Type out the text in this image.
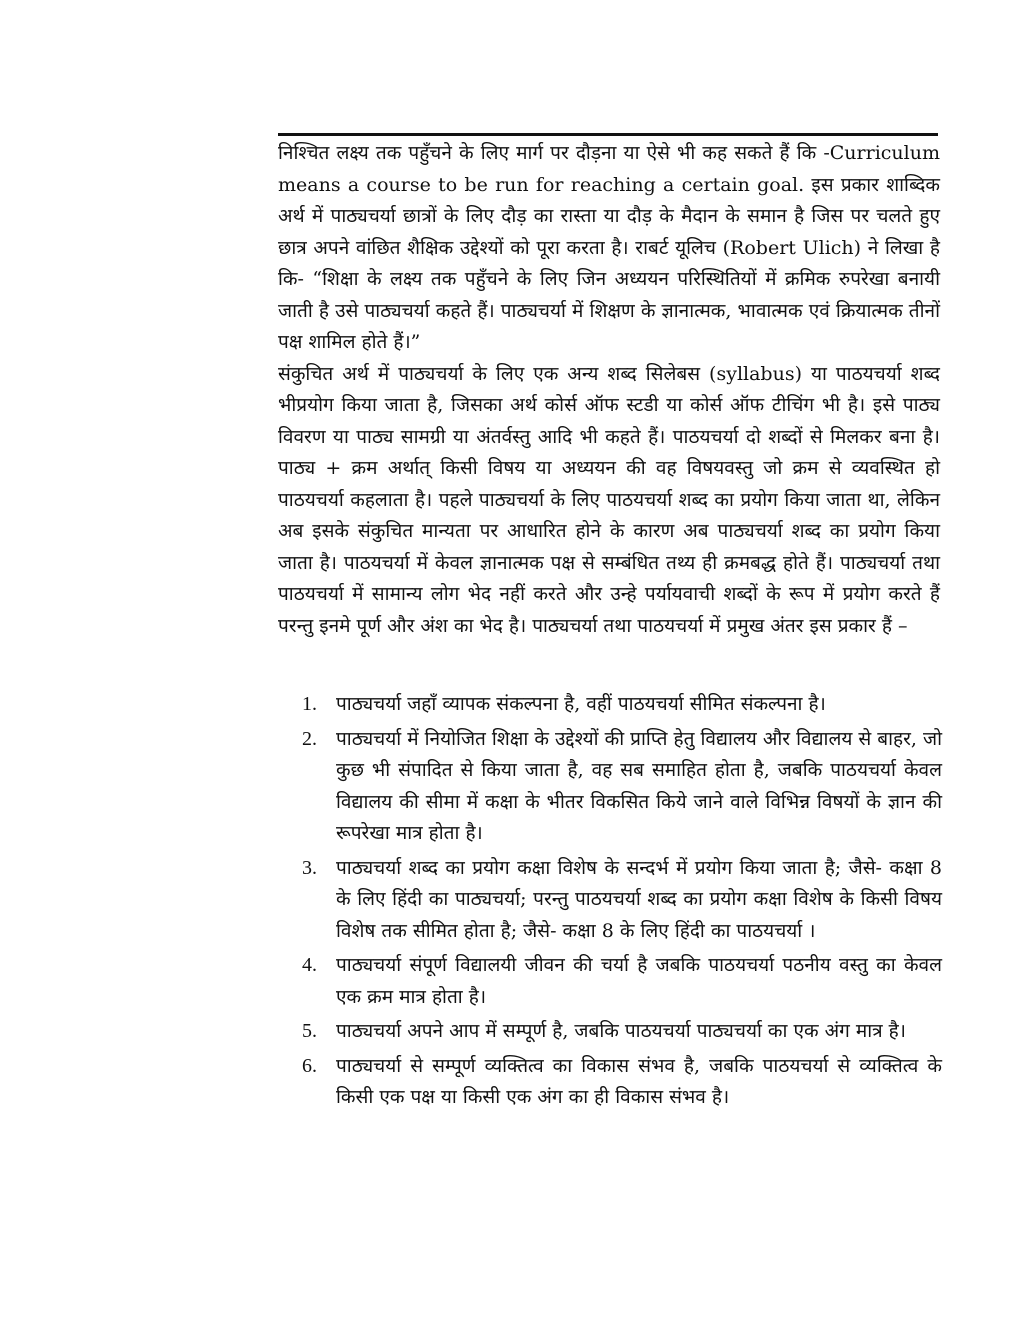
निश्चित लक्ष्य तक पहुँचने के लिए मार्ग पर दौड़ना या ऐसे भी कह सकते हैं कि -Curriculum means a course to be run for reaching a certain goal. इस प्रकार शाब्दिक अर्थ में पाठ्यचर्या छात्रों के लिए दौड़ का रास्ता या दौड़ के मैदान के समान है जिस पर चलते हुए छात्र अपने वांछित शैक्षिक उद्देश्यों को पूरा करता है। राबर्ट यूलिच (Robert Ulich) ने लिखा है कि- “शिक्षा के लक्ष्य तक पहुँचने के लिए जिन अध्ययन परिस्थितियों में क्रमिक रुपरेखा बनायी जाती है उसे पाठ्यचर्या कहते हैं। पाठ्यचर्या में शिक्षण के ज्ञानात्मक, भावात्मक एवं क्रियात्मक तीनों पक्ष शामिल होते हैं।”

संकुचित अर्थ में पाठ्यचर्या के लिए एक अन्य शब्द सिलेबस (syllabus) या पाठयचर्या शब्द भीप्रयोग किया जाता है, जिसका अर्थ कोर्स ऑफ स्टडी या कोर्स ऑफ टीचिंग भी है। इसे पाठ्य विवरण या पाठ्य सामग्री या अंतर्वस्तु आदि भी कहते हैं। पाठयचर्या दो शब्दों से मिलकर बना है। पाठ्य + क्रम अर्थात् किसी विषय या अध्ययन की वह विषयवस्तु जो क्रम से व्यवस्थित हो पाठयचर्या कहलाता है। पहले पाठ्यचर्या के लिए पाठयचर्या शब्द का प्रयोग किया जाता था, लेकिन अब इसके संकुचित मान्यता पर आधारित होने के कारण अब पाठ्यचर्या शब्द का प्रयोग किया जाता है। पाठयचर्या में केवल ज्ञानात्मक पक्ष से सम्बंधित तथ्य ही क्रमबद्ध होते हैं। पाठ्यचर्या तथा पाठयचर्या में सामान्य लोग भेद नहीं करते और उन्हे पर्यायवाची शब्दों के रूप में प्रयोग करते हैं परन्तु इनमे पूर्ण और अंश का भेद है। पाठ्यचर्या तथा पाठयचर्या में प्रमुख अंतर इस प्रकार हैं –

1.	पाठ्यचर्या जहाँ व्यापक संकल्पना है, वहीं पाठयचर्या सीमित संकल्पना है।
2.	पाठ्यचर्या में नियोजित शिक्षा के उद्देश्यों की प्राप्ति हेतु विद्यालय और विद्यालय से बाहर, जो कुछ भी संपादित से किया जाता है, वह सब समाहित होता है, जबकि पाठयचर्या केवल विद्यालय की सीमा में कक्षा के भीतर विकसित किये जाने वाले विभिन्न विषयों के ज्ञान की रूपरेखा मात्र होता है।
3.	पाठ्यचर्या शब्द का प्रयोग कक्षा विशेष के सन्दर्भ में प्रयोग किया जाता है; जैसे- कक्षा 8 के लिए हिंदी का पाठ्यचर्या; परन्तु पाठयचर्या शब्द का प्रयोग कक्षा विशेष के किसी विषय विशेष तक सीमित होता है; जैसे- कक्षा 8 के लिए हिंदी का पाठयचर्या ।
4.	पाठ्यचर्या संपूर्ण विद्यालयी जीवन की चर्या है जबकि पाठयचर्या पठनीय वस्तु का केवल एक क्रम मात्र होता है।
5.	पाठ्यचर्या अपने आप में सम्पूर्ण है, जबकि पाठयचर्या पाठ्यचर्या का एक अंग मात्र है।
6.	पाठ्यचर्या से सम्पूर्ण व्यक्तित्व का विकास संभव है, जबकि पाठयचर्या से व्यक्तित्व के किसी एक पक्ष या किसी एक अंग का ही विकास संभव है।
